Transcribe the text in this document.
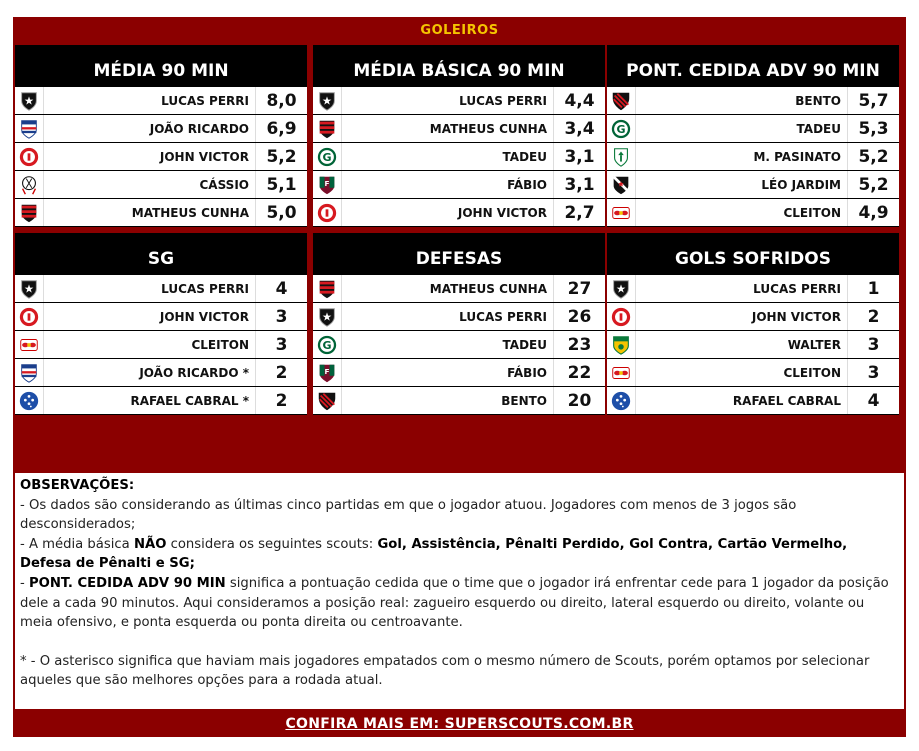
GOLEIROS
MÉDIA 90 MIN
LUCAS PERRI	8,0
JOÃO RICARDO	6,9
JOHN VICTOR	5,2
CÁSSIO	5,1
MATHEUS CUNHA	5,0
MÉDIA BÁSICA 90 MIN
LUCAS PERRI	4,4
MATHEUS CUNHA	3,4
G	TADEU	3,1
F	FÁBIO	3,1
JOHN VICTOR	2,7
PONT. CEDIDA ADV 90 MIN
BENTO	5,7
G	TADEU	5,3
M. PASINATO	5,2
LÉO JARDIM	5,2
CLEITON	4,9
SG
LUCAS PERRI	4
JOHN VICTOR	3
CLEITON	3
JOÃO RICARDO *	2
RAFAEL CABRAL *	2
DEFESAS
MATHEUS CUNHA	27
LUCAS PERRI	26
G	TADEU	23
F	FÁBIO	22
BENTO	20
GOLS SOFRIDOS
LUCAS PERRI	1
JOHN VICTOR	2
WALTER	3
CLEITON	3
RAFAEL CABRAL	4
OBSERVAÇÕES:
- Os dados são considerando as últimas cinco partidas em que o jogador atuou. Jogadores com menos de 3 jogos são desconsiderados;
- A média básica NÃO considera os seguintes scouts: Gol, Assistência, Pênalti Perdido, Gol Contra, Cartão Vermelho, Defesa de Pênalti e SG;
- PONT. CEDIDA ADV 90 MIN significa a pontuação cedida que o time que o jogador irá enfrentar cede para 1 jogador da posição dele a cada 90 minutos. Aqui consideramos a posição real: zagueiro esquerdo ou direito, lateral esquerdo ou direito, volante ou meia ofensivo, e ponta esquerda ou ponta direita ou centroavante.
* - O asterisco significa que haviam mais jogadores empatados com o mesmo número de Scouts, porém optamos por selecionar aqueles que são melhores opções para a rodada atual.
CONFIRA MAIS EM: SUPERSCOUTS.COM.BR
